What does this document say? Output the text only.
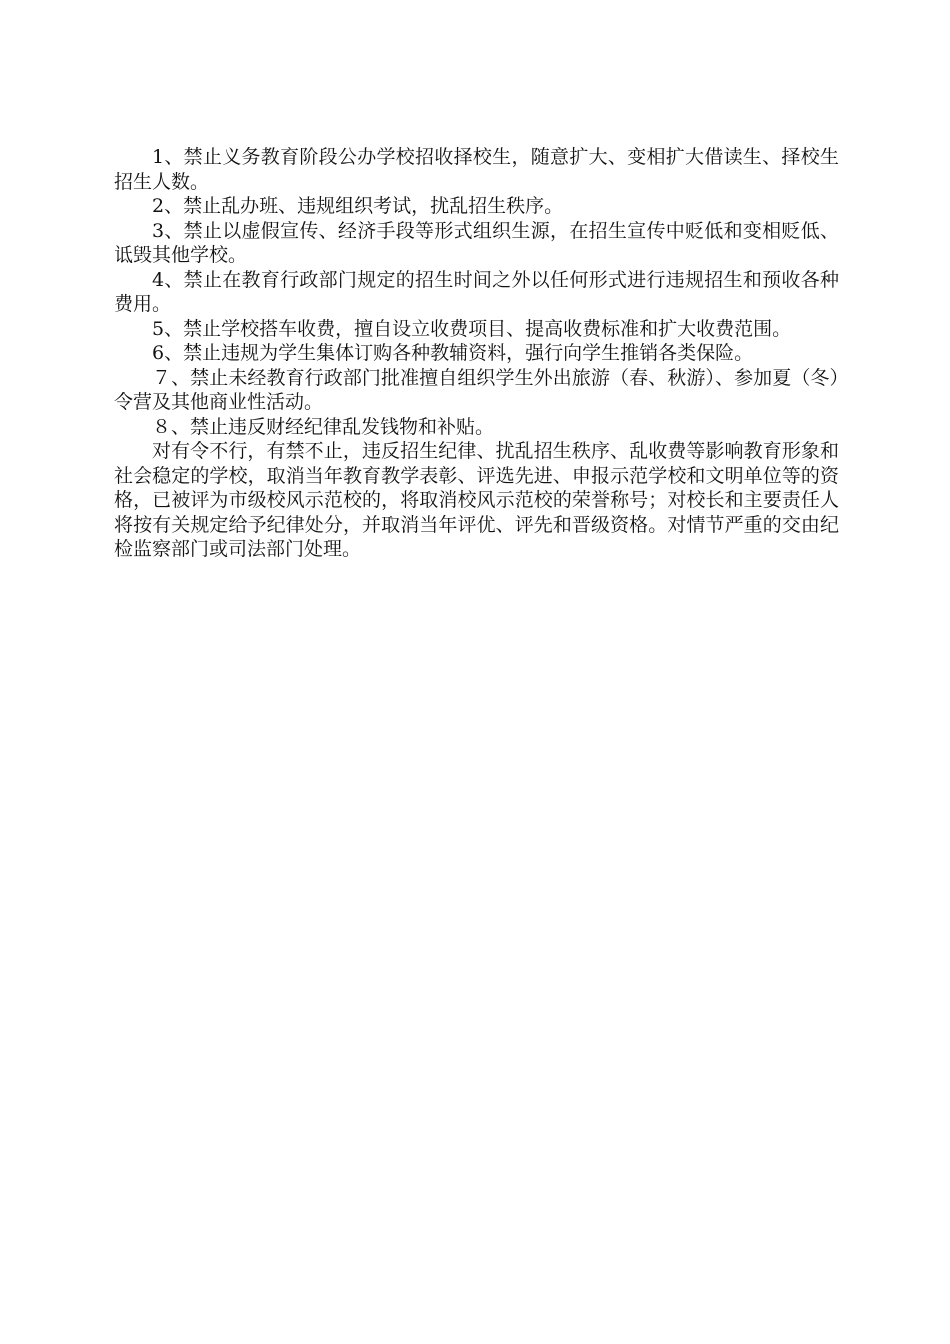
1、禁止义务教育阶段公办学校招收择校生，随意扩大、变相扩大借读生、择校生招生人数。

2、禁止乱办班、违规组织考试，扰乱招生秩序。

3、禁止以虚假宣传、经济手段等形式组织生源，在招生宣传中贬低和变相贬低、诋毁其他学校。

4、禁止在教育行政部门规定的招生时间之外以任何形式进行违规招生和预收各种费用。

5、禁止学校搭车收费，擅自设立收费项目、提高收费标准和扩大收费范围。

6、禁止违规为学生集体订购各种教辅资料，强行向学生推销各类保险。

７、禁止未经教育行政部门批准擅自组织学生外出旅游（春、秋游）、参加夏（冬）令营及其他商业性活动。

８、禁止违反财经纪律乱发钱物和补贴。

对有令不行，有禁不止，违反招生纪律、扰乱招生秩序、乱收费等影响教育形象和社会稳定的学校，取消当年教育教学表彰、评选先进、申报示范学校和文明单位等的资格，已被评为市级校风示范校的，将取消校风示范校的荣誉称号；对校长和主要责任人将按有关规定给予纪律处分，并取消当年评优、评先和晋级资格。对情节严重的交由纪检监察部门或司法部门处理。
